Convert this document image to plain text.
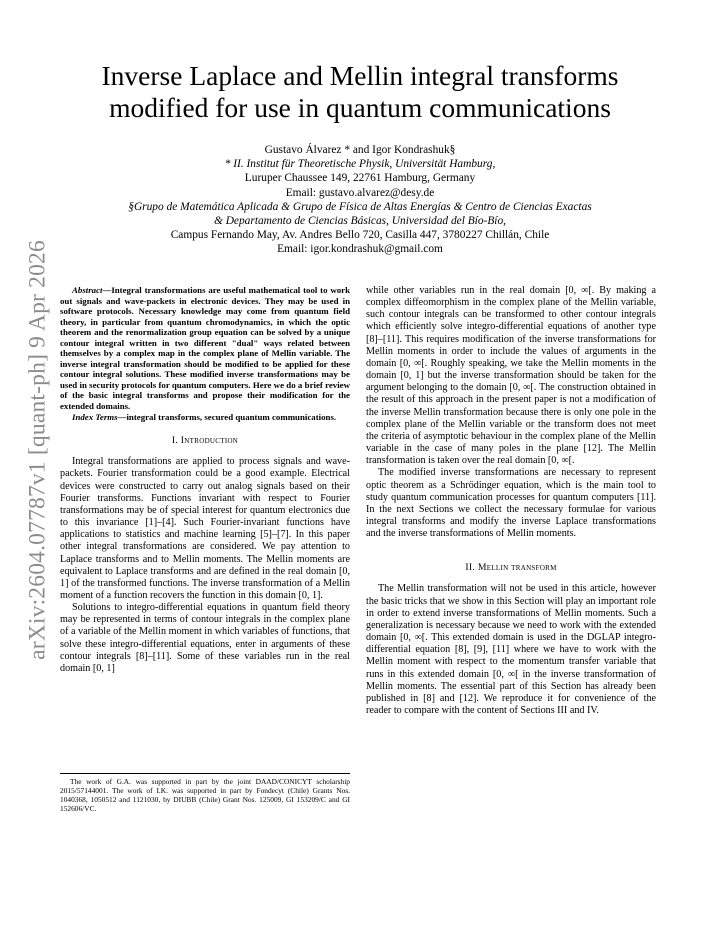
arXiv:2604.07787v1 [quant-ph] 9 Apr 2026
Inverse Laplace and Mellin integral transforms modified for use in quantum communications
Gustavo Álvarez * and Igor Kondrashuk§
* II. Institut für Theoretische Physik, Universität Hamburg,
Luruper Chaussee 149, 22761 Hamburg, Germany
Email: gustavo.alvarez@desy.de
§Grupo de Matemática Aplicada & Grupo de Física de Altas Energías & Centro de Ciencias Exactas
& Departamento de Ciencias Básicas, Universidad del Bío-Bío,
Campus Fernando May, Av. Andres Bello 720, Casilla 447, 3780227 Chillán, Chile
Email: igor.kondrashuk@gmail.com

Abstract—Integral transformations are useful mathematical tool to work out signals and wave-packets in electronic devices. They may be used in software protocols. Necessary knowledge may come from quantum field theory, in particular from quantum chromodynamics, in which the optic theorem and the renormalization group equation can be solved by a unique contour integral written in two different "dual" ways related between themselves by a complex map in the complex plane of Mellin variable. The inverse integral transformation should be modified to be applied for these contour integral solutions. These modified inverse transformations may be used in security protocols for quantum computers. Here we do a brief review of the basic integral transforms and propose their modification for the extended domains.

Index Terms—integral transforms, secured quantum communications.

I. Introduction

Integral transformations are applied to process signals and wave-packets. Fourier transformation could be a good example. Electrical devices were constructed to carry out analog signals based on their Fourier transforms. Functions invariant with respect to Fourier transformations may be of special interest for quantum electronics due to this invariance [1]–[4]. Such Fourier-invariant functions have applications to statistics and machine learning [5]–[7]. In this paper other integral transformations are considered. We pay attention to Laplace transforms and to Mellin moments. The Mellin moments are equivalent to Laplace transforms and are defined in the real domain [0, 1] of the transformed functions. The inverse transformation of a Mellin moment of a function recovers the function in this domain [0, 1].

Solutions to integro-differential equations in quantum field theory may be represented in terms of contour integrals in the complex plane of a variable of the Mellin moment in which variables of functions, that solve these integro-differential equations, enter in arguments of these contour integrals [8]–[11]. Some of these variables run in the real domain [0, 1]

The work of G.A. was supported in part by the joint DAAD/CONICYT scholarship 2015/57144001. The work of I.K. was supported in part by Fondecyt (Chile) Grants Nos. 1040368, 1050512 and 1121030, by DIUBB (Chile) Grant Nos. 125009, GI 153209/C and GI 152606/VC.

while other variables run in the real domain [0, ∞[. By making a complex diffeomorphism in the complex plane of the Mellin variable, such contour integrals can be transformed to other contour integrals which efficiently solve integro-differential equations of another type [8]–[11]. This requires modification of the inverse transformations for Mellin moments in order to include the values of arguments in the domain [0, ∞[. Roughly speaking, we take the Mellin moments in the domain [0, 1] but the inverse transformation should be taken for the argument belonging to the domain [0, ∞[. The construction obtained in the result of this approach in the present paper is not a modification of the inverse Mellin transformation because there is only one pole in the complex plane of the Mellin variable or the transform does not meet the criteria of asymptotic behaviour in the complex plane of the Mellin variable in the case of many poles in the plane [12]. The Mellin transformation is taken over the real domain [0, ∞[.

The modified inverse transformations are necessary to represent optic theorem as a Schrödinger equation, which is the main tool to study quantum communication processes for quantum computers [11]. In the next Sections we collect the necessary formulae for various integral transforms and modify the inverse Laplace transformations and the inverse transformations of Mellin moments.

II. Mellin transform

The Mellin transformation will not be used in this article, however the basic tricks that we show in this Section will play an important role in order to extend inverse transformations of Mellin moments. Such a generalization is necessary because we need to work with the extended domain [0, ∞[. This extended domain is used in the DGLAP integro-differential equation [8], [9], [11] where we have to work with the Mellin moment with respect to the momentum transfer variable that runs in this extended domain [0, ∞[ in the inverse transformation of Mellin moments. The essential part of this Section has already been published in [8] and [12]. We reproduce it for convenience of the reader to compare with the content of Sections III and IV.
